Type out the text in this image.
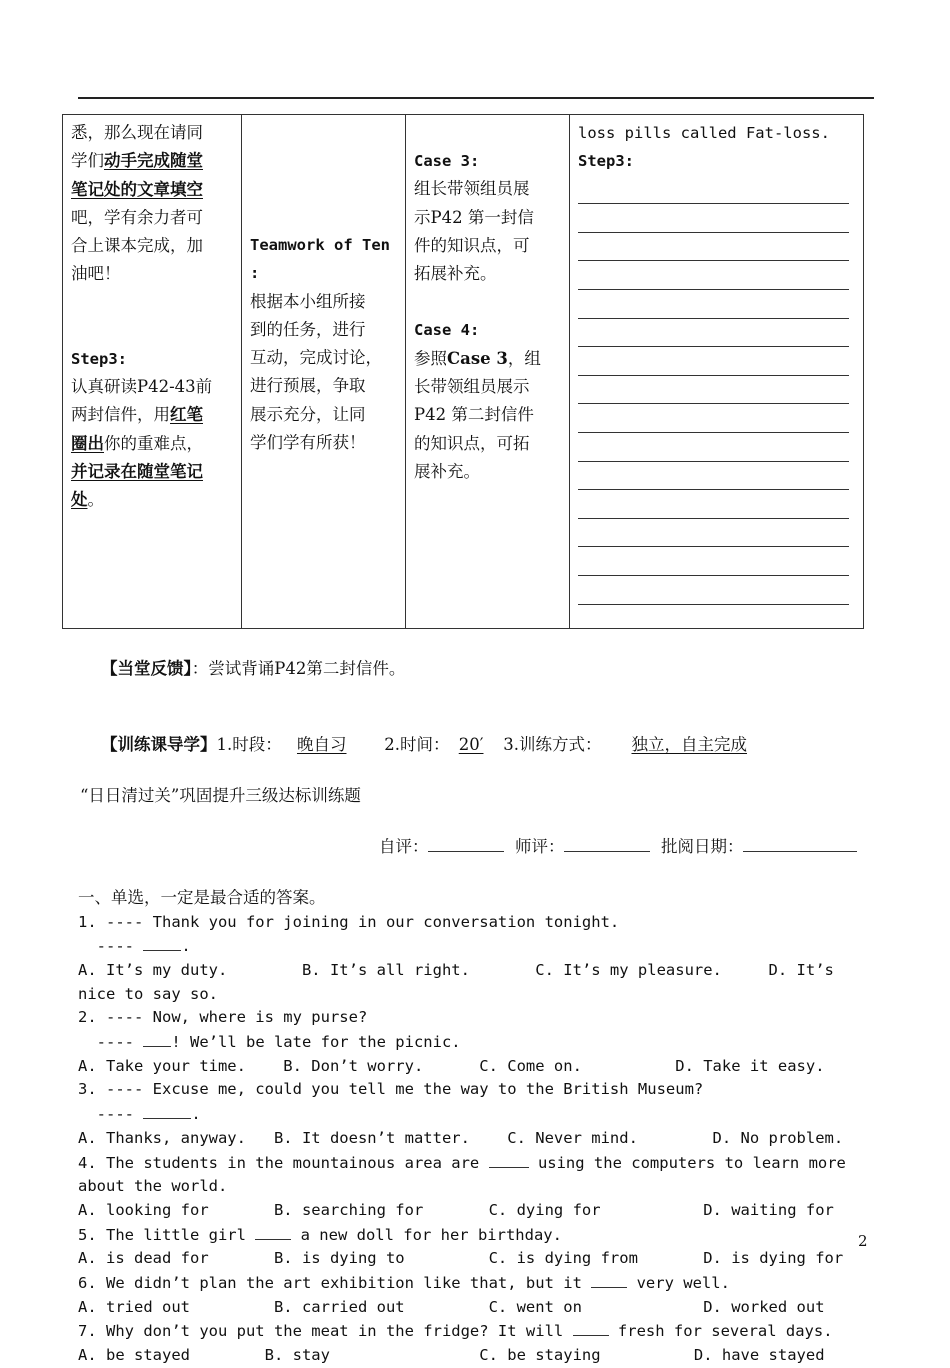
悉，那么现在请同
学们动手完成随堂
笔记处的文章填空
吧，学有余力者可
合上课本完成，加
油吧！
Step3:
认真研读P42-43前
两封信件，用红笔
圈出你的重难点，
并记录在随堂笔记
处。

Teamwork of Ten
:
根据本小组所接
到的任务，进行
互动，完成讨论，
进行预展，争取
展示充分，让同
学们学有所获！

Case 3:
组长带领组员展
示P42 第一封信
件的知识点，可
拓展补充。
Case 4:
参照Case 3，组
长带领组员展示
P42 第二封信件
的知识点，可拓
展补充。

loss pills called Fat-loss.
Step3:

【当堂反馈】：尝试背诵P42第二封信件。

【训练课导学】1.时段： 晚自习 2.时间： 20′ 3.训练方式： 独立，自主完成

“日日清过关”巩固提升三级达标训练题

自评：	师评：	批阅日期：

一、单选，一定是最合适的答案。
1. ---- Thank you for joining in our conversation tonight.
---- .
A. It’s my duty.        B. It’s all right.       C. It’s my pleasure.     D. It’s
nice to say so.
2. ---- Now, where is my purse?
---- ! We’ll be late for the picnic.
A. Take your time.    B. Don’t worry.      C. Come on.          D. Take it easy.
3. ---- Excuse me, could you tell me the way to the British Museum?
----	.
A. Thanks, anyway.   B. It doesn’t matter.    C. Never mind.        D. No problem.
4. The students in the mountainous area are	using the computers to learn more
about the world.
A. looking for       B. searching for       C. dying for           D. waiting for
5. The little girl  a new doll for her birthday.
A. is dead for       B. is dying to         C. is dying from       D. is dying for
6. We didn’t plan the art exhibition like that, but it  very well.
A. tried out         B. carried out         C. went on             D. worked out
7. Why don’t you put the meat in the fridge? It will  fresh for several days.
A. be stayed        B. stay                C. be staying          D. have stayed
2
